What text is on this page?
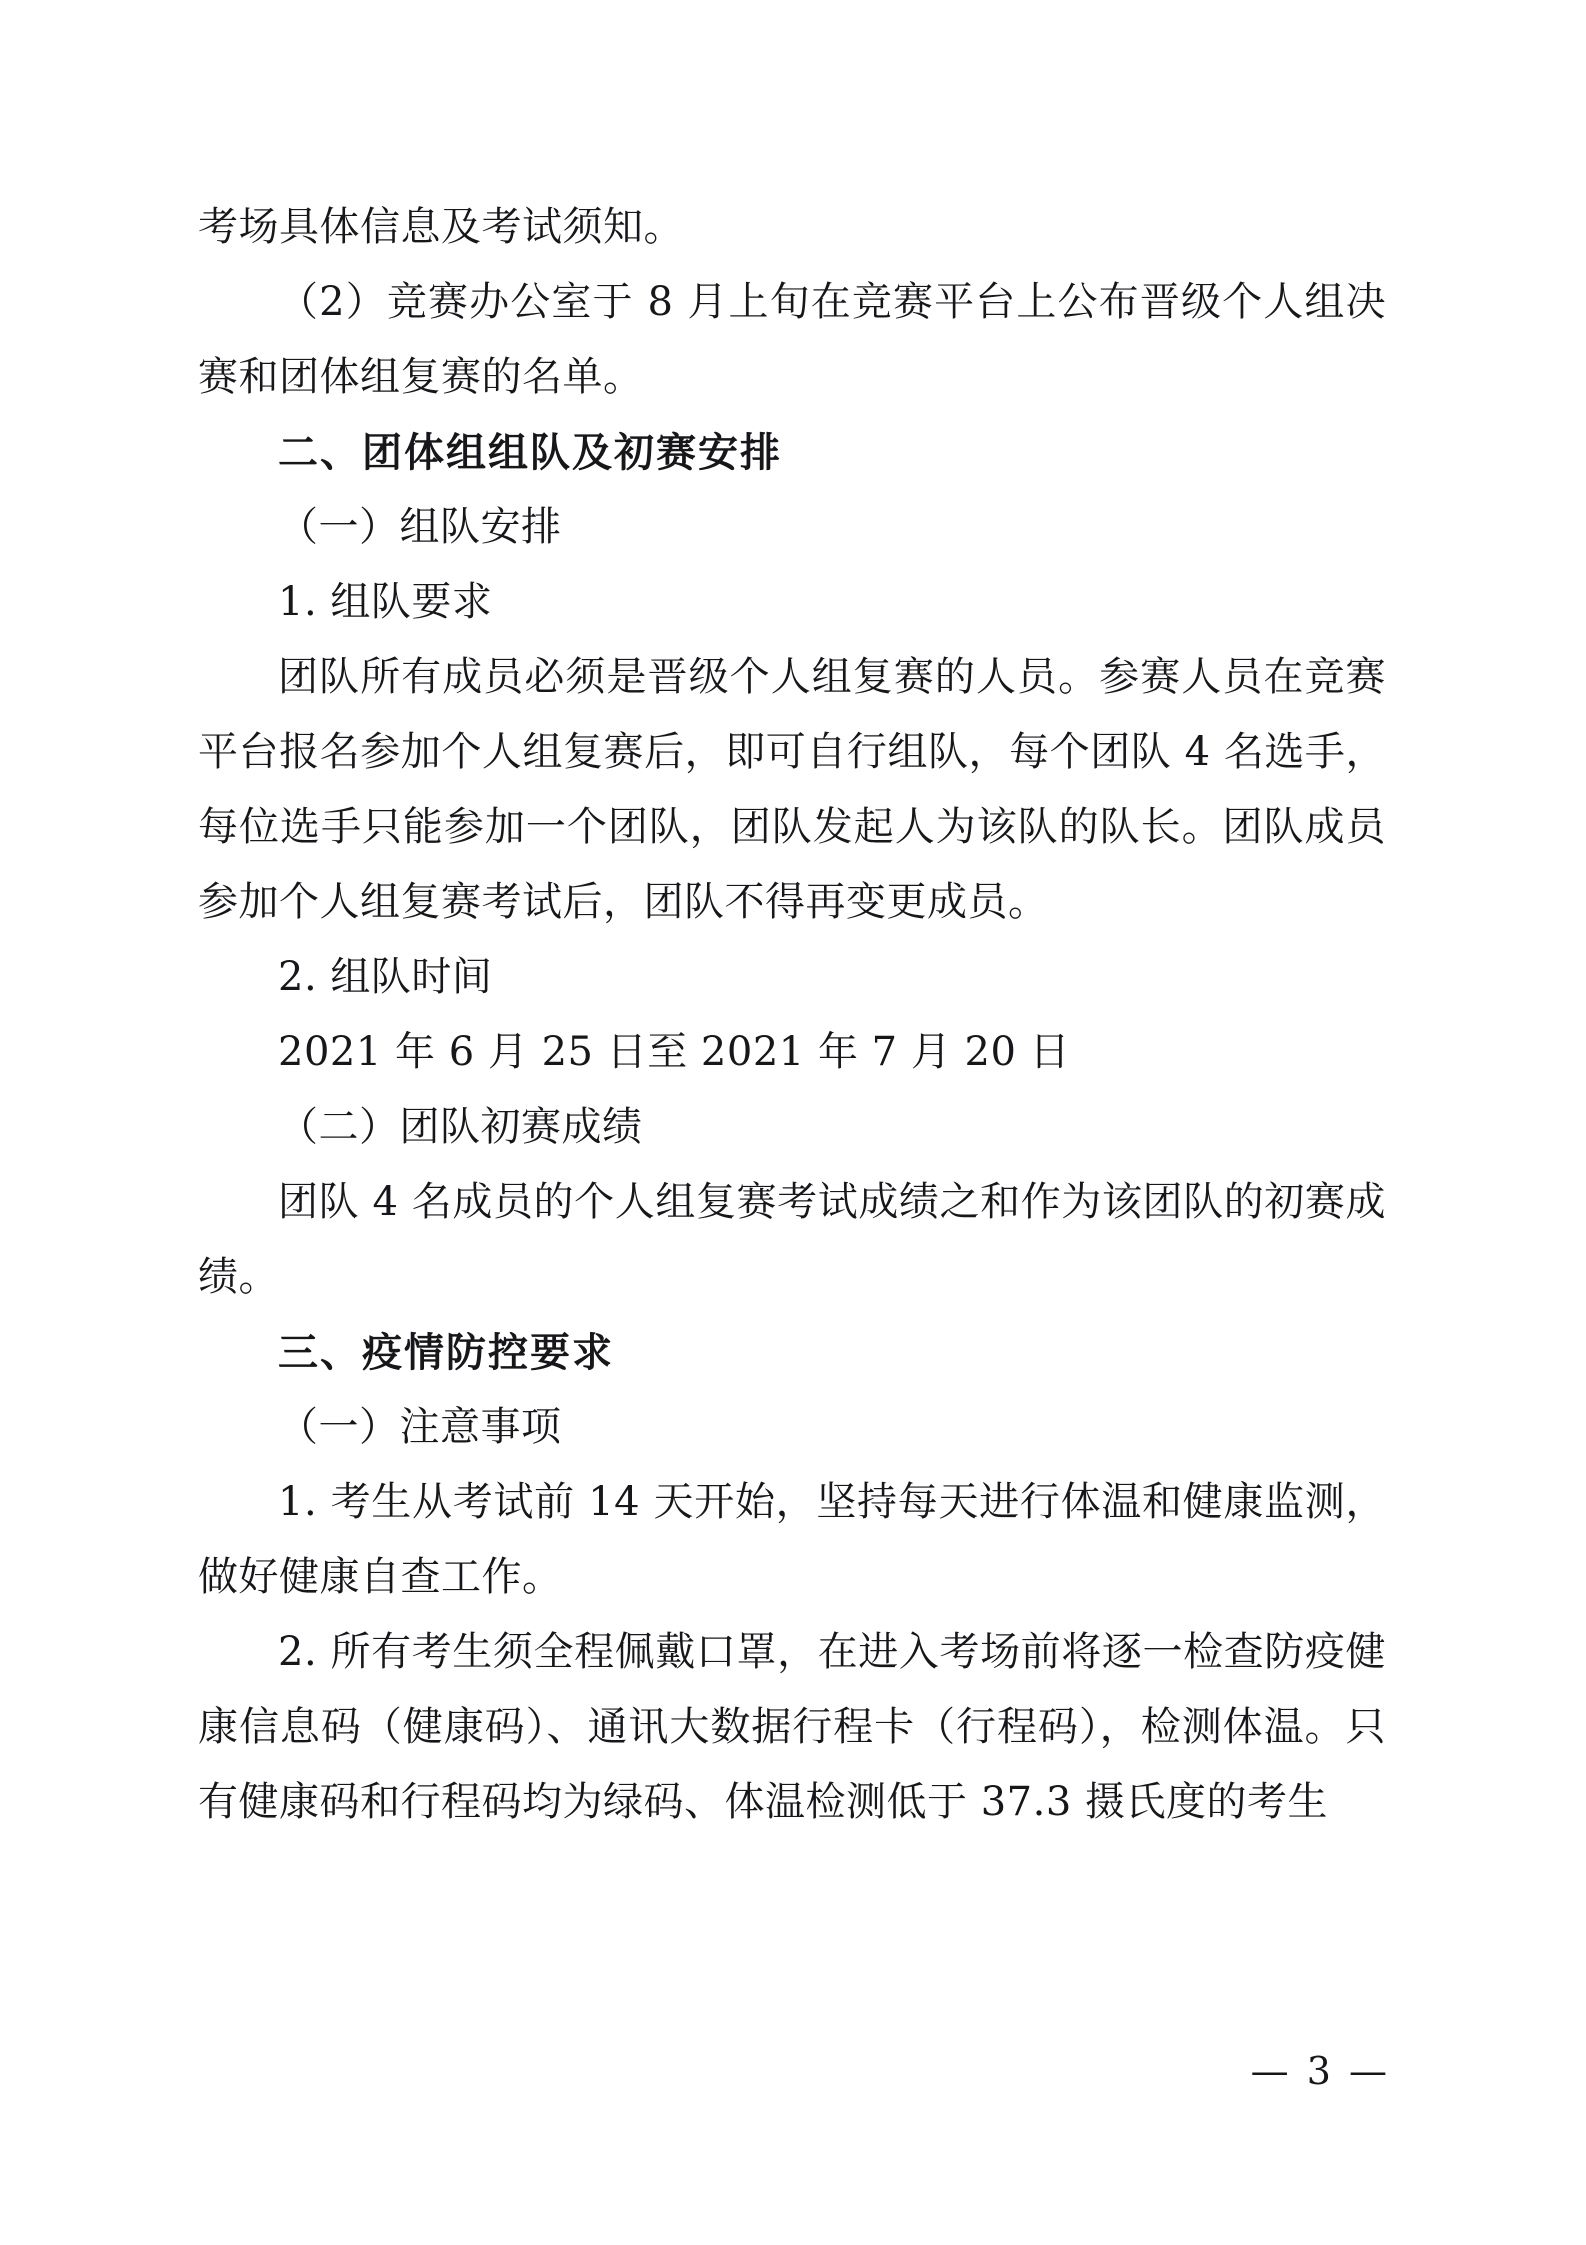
考场具体信息及考试须知。

（2）竞赛办公室于 8 月上旬在竞赛平台上公布晋级个人组决赛和团体组复赛的名单。

二、团体组组队及初赛安排

（一）组队安排

1. 组队要求

团队所有成员必须是晋级个人组复赛的人员。参赛人员在竞赛平台报名参加个人组复赛后，即可自行组队，每个团队 4 名选手，每位选手只能参加一个团队，团队发起人为该队的队长。团队成员参加个人组复赛考试后，团队不得再变更成员。

2. 组队时间

2021 年 6 月 25 日至 2021 年 7 月 20 日

（二）团队初赛成绩

团队 4 名成员的个人组复赛考试成绩之和作为该团队的初赛成绩。

三、疫情防控要求

（一）注意事项

1. 考生从考试前 14 天开始，坚持每天进行体温和健康监测，做好健康自查工作。

2. 所有考生须全程佩戴口罩，在进入考场前将逐一检查防疫健康信息码（健康码）、通讯大数据行程卡（行程码），检测体温。只有健康码和行程码均为绿码、体温检测低于 37.3 摄氏度的考生

— 3 —
